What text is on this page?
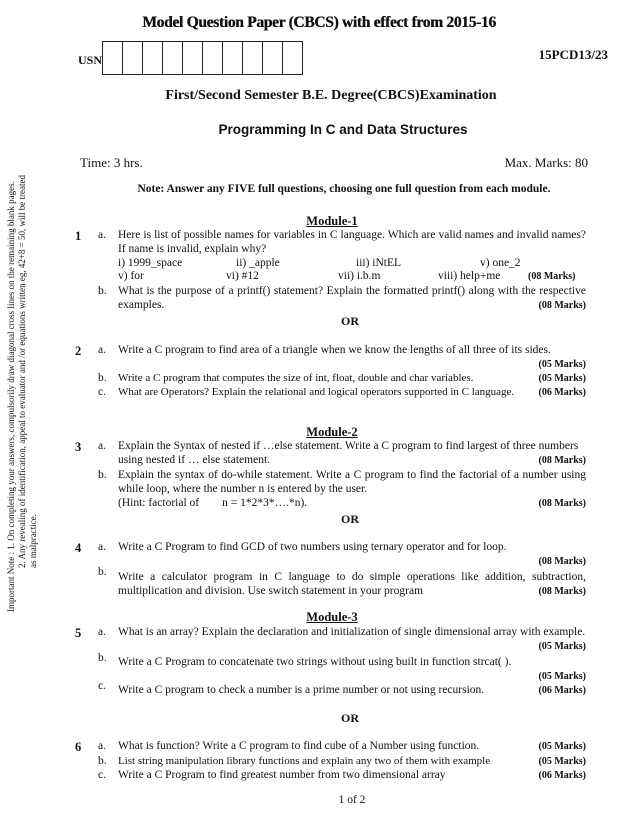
Model Question Paper (CBCS) with effect from 2015-16
USN	15PCD13/23
First/Second Semester B.E. Degree(CBCS)Examination
Programming In C and Data Structures
Time: 3 hrs.	Max. Marks: 80
Note: Answer any FIVE full questions, choosing one full question from each module.
Important Note : 1. On completing your answers, compulsorily draw diagonal cross lines on the remaining blank pages. 2. Any revealing of identification, appeal to evaluator and /or equations written eg, 42+8 = 50, will be treated as malpractice.
Module-1
1 a. Here is list of possible names for variables in C language. Which are valid names and invalid names? If name is invalid, explain why?
i) 1999_space	ii) _apple	iii) iNtEL	v) one_2
v) for	vi) #12	vii) i.b.m	viii) help+me	(08 Marks)
b. What is the purpose of a printf() statement? Explain the formatted printf() along with the respective examples.	(08 Marks)
OR
2 a. Write a C program to find area of a triangle when we know the lengths of all three of its sides.
(05 Marks)
b. Write a C program that computes the size of int, float, double and char variables.	(05 Marks)
c. What are Operators? Explain the relational and logical operators supported in C language. (06 Marks)
Module-2
3 a. Explain the Syntax of nested if …else statement. Write a C program to find largest of three numbers using nested if … else statement.	(08 Marks)
b. Explain the syntax of do-while statement. Write a C program to find the factorial of a number using while loop, where the number n is entered by the user.
(Hint: factorial of        n = 1*2*3*….*n).	(08 Marks)
OR
4 a. Write a C Program to find GCD of two numbers using ternary operator and for loop.
(08 Marks)
b. Write a calculator program in C language to do simple operations like addition, subtraction, multiplication and division. Use switch statement in your program	(08 Marks)
Module-3
5 a. What is an array? Explain the declaration and initialization of single dimensional array with example.
(05 Marks)
b. Write a C Program to concatenate two strings without using built in function strcat( ).
(05 Marks)
c. Write a C program to check a number is a prime number or not using recursion.	(06 Marks)
OR
6 a. What is function? Write a C program to find cube of a Number using function.	(05 Marks)
b. List string manipulation library functions and explain any two of them with example	(05 Marks)
c. Write a C Program to find greatest number from two dimensional array	(06 Marks)
1 of 2
